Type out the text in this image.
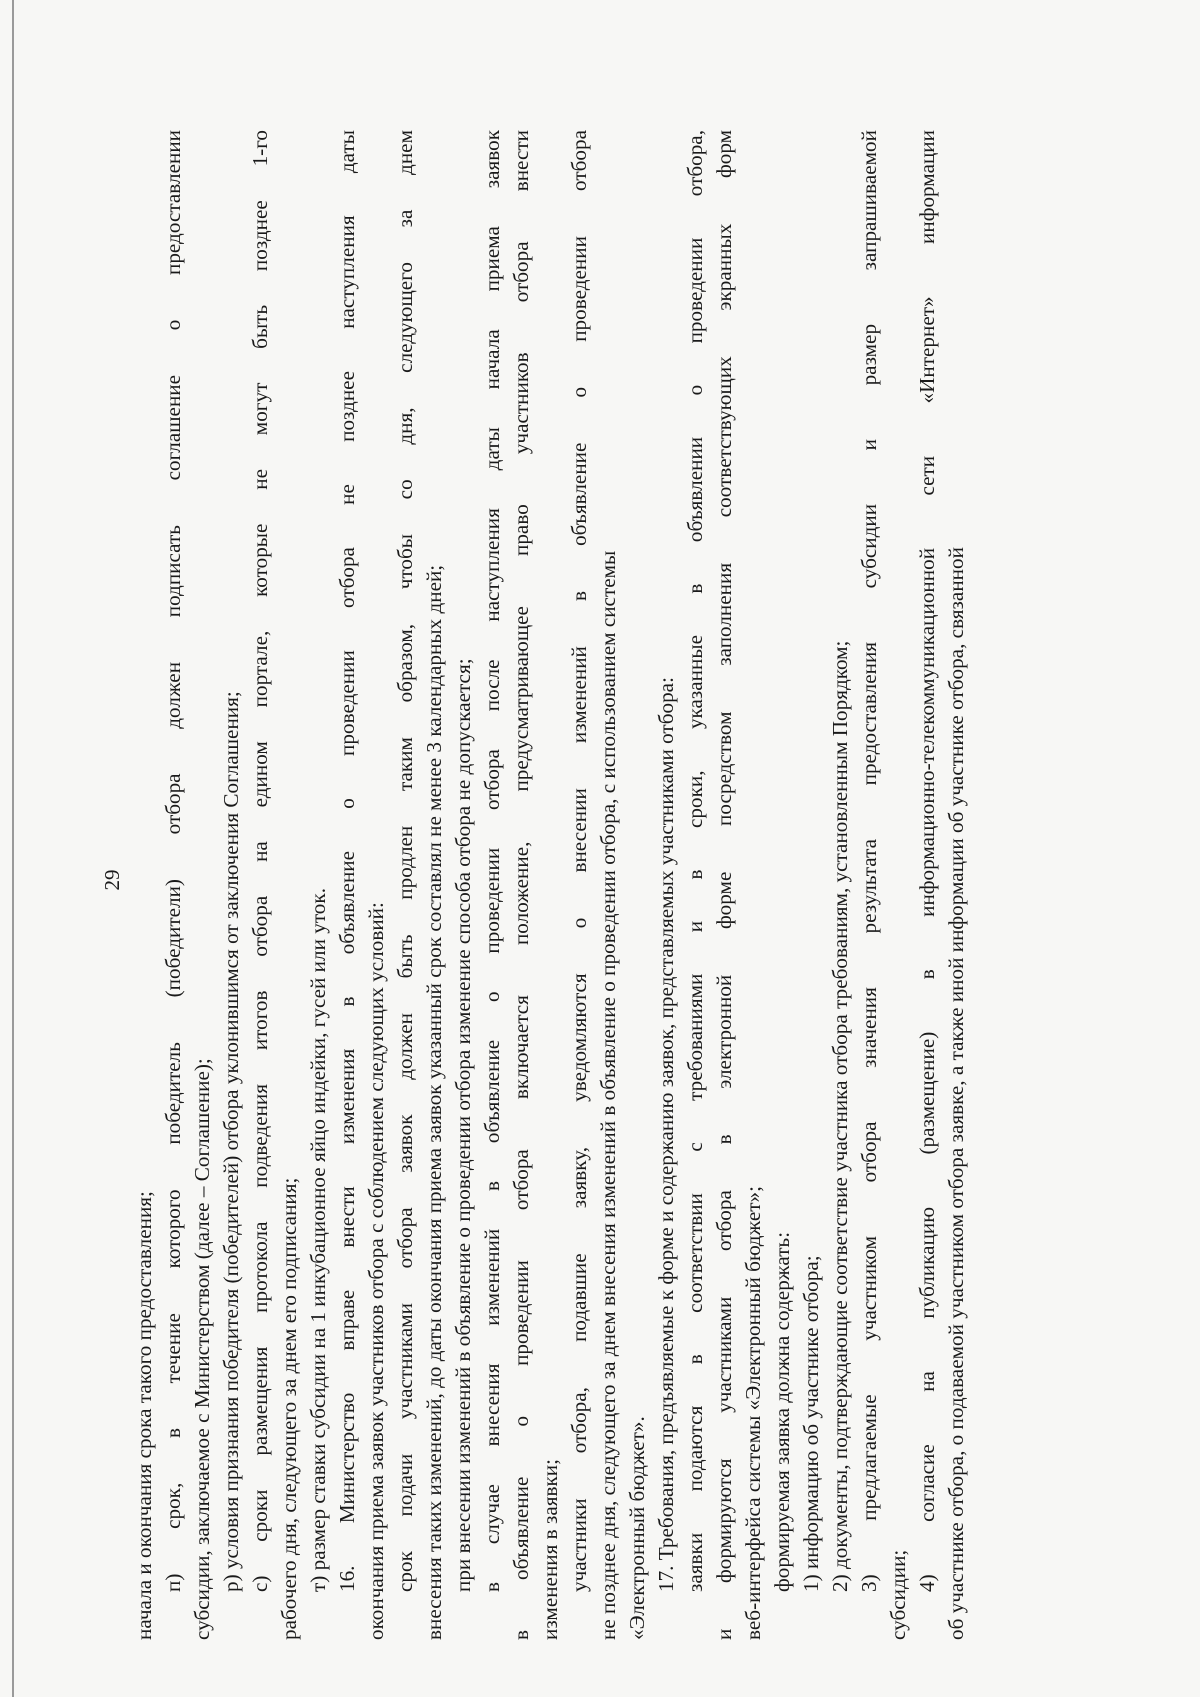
29
начала и окончания срока такого предоставления; п) срок, в течение которого победитель (победители) отбора должен подписать соглашение о предоставлении субсидии, заключаемое с Министерством (далее – Соглашение); р) условия признания победителя (победителей) отбора уклонившимся от заключения Соглашения; с) сроки размещения протокола подведения итогов отбора на едином портале, которые не могут быть позднее 1-го рабочего дня, следующего за днем его подписания; т) размер ставки субсидии на 1 инкубационное яйцо индейки, гусей или уток. 16. Министерство вправе внести изменения в объявление о проведении отбора не позднее наступления даты окончания приема заявок участников отбора с соблюдением следующих условий: срок подачи участниками отбора заявок должен быть продлен таким образом, чтобы со дня, следующего за днем внесения таких изменений, до даты окончания приема заявок указанный срок составлял не менее 3 календарных дней; при внесении изменений в объявление о проведении отбора изменение способа отбора не допускается; в случае внесения изменений в объявление о проведении отбора после наступления даты начала приема заявок в объявление о проведении отбора включается положение, предусматривающее право участников отбора внести изменения в заявки; участники отбора, подавшие заявку, уведомляются о внесении изменений в объявление о проведении отбора не позднее дня, следующего за днем внесения изменений в объявление о проведении отбора, с использованием системы «Электронный бюджет». 17. Требования, предъявляемые к форме и содержанию заявок, представляемых участниками отбора: заявки подаются в соответствии с требованиями и в сроки, указанные в объявлении о проведении отбора, и формируются участниками отбора в электронной форме посредством заполнения соответствующих экранных форм веб-интерфейса системы «Электронный бюджет»; формируемая заявка должна содержать: 1) информацию об участнике отбора; 2) документы, подтверждающие соответствие участника отбора требованиям, установленным Порядком; 3) предлагаемые участником отбора значения результата предоставления субсидии и размер запрашиваемой
субсидии;
4) согласие на публикацию (размещение) в информационно-телекоммуникационной сети «Интернет» информации об участнике отбора, о подаваемой участником отбора заявке, а также иной информации об участнике отбора, связанной
